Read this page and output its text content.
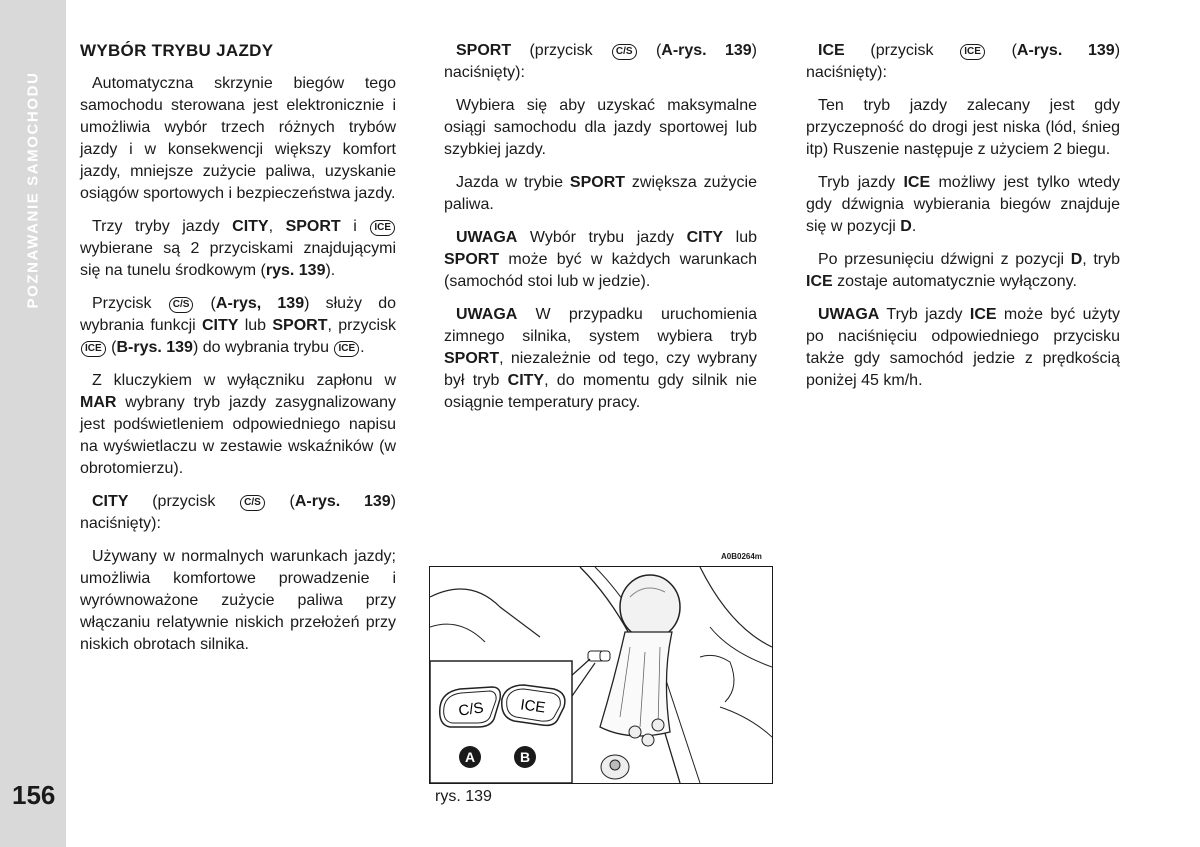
POZNAWANIE SAMOCHODU
156

WYBÓR TRYBU JAZDY

Automatyczna skrzynie biegów tego samochodu sterowana jest elektronicznie i umożliwia wybór trzech różnych trybów jazdy i w konsekwencji większy komfort jazdy, mniejsze zużycie paliwa, uzyskanie osiągów sportowych i bezpieczeństwa jazdy.

Trzy tryby jazdy CITY, SPORT i ICE wybierane są 2 przyciskami znajdującymi się na tunelu środkowym (rys. 139).

Przycisk C/S (A-rys, 139) służy do wybrania funkcji CITY lub SPORT, przycisk ICE (B-rys. 139) do wybrania trybu ICE .

Z kluczykiem w wyłączniku zapłonu w MAR wybrany tryb jazdy zasygnalizowany jest podświetleniem odpowiedniego napisu na wyświetlaczu w zestawie wskaźników (w obrotomierzu).

CITY (przycisk C/S (A-rys. 139) naciśnięty):

Używany w normalnych warunkach jazdy; umożliwia komfortowe prowadzenie i wyrównoważone zużycie paliwa przy włączaniu relatywnie niskich przełożeń przy niskich obrotach silnika.

SPORT (przycisk C/S (A-rys. 139) naciśnięty):

Wybiera się aby uzyskać maksymalne osiągi samochodu dla jazdy sportowej lub szybkiej jazdy.

Jazda w trybie SPORT zwiększa zużycie paliwa.

UWAGA Wybór trybu jazdy CITY lub SPORT może być w każdych warunkach (samochód stoi lub w jedzie).

UWAGA W przypadku uruchomienia zimnego silnika, system wybiera tryb SPORT, niezależnie od tego, czy wybrany był tryb CITY, do momentu gdy silnik nie osiągnie temperatury pracy.

ICE (przycisk ICE (A-rys. 139) naciśnięty):

Ten tryb jazdy zalecany jest gdy przyczepność do drogi jest niska (lód, śnieg itp) Ruszenie następuje z użyciem 2 biegu.

Tryb jazdy ICE możliwy jest tylko wtedy gdy dźwignia wybierania biegów znajduje się w pozycji D.

Po przesunięciu dźwigni z pozycji D, tryb ICE zostaje automatycznie wyłączony.

UWAGA Tryb jazdy ICE może być użyty po naciśnięciu odpowiedniego przycisku także gdy samochód jedzie z prędkością poniżej 45 km/h.

A0B0264m
C/S ICE
A	B
rys. 139
